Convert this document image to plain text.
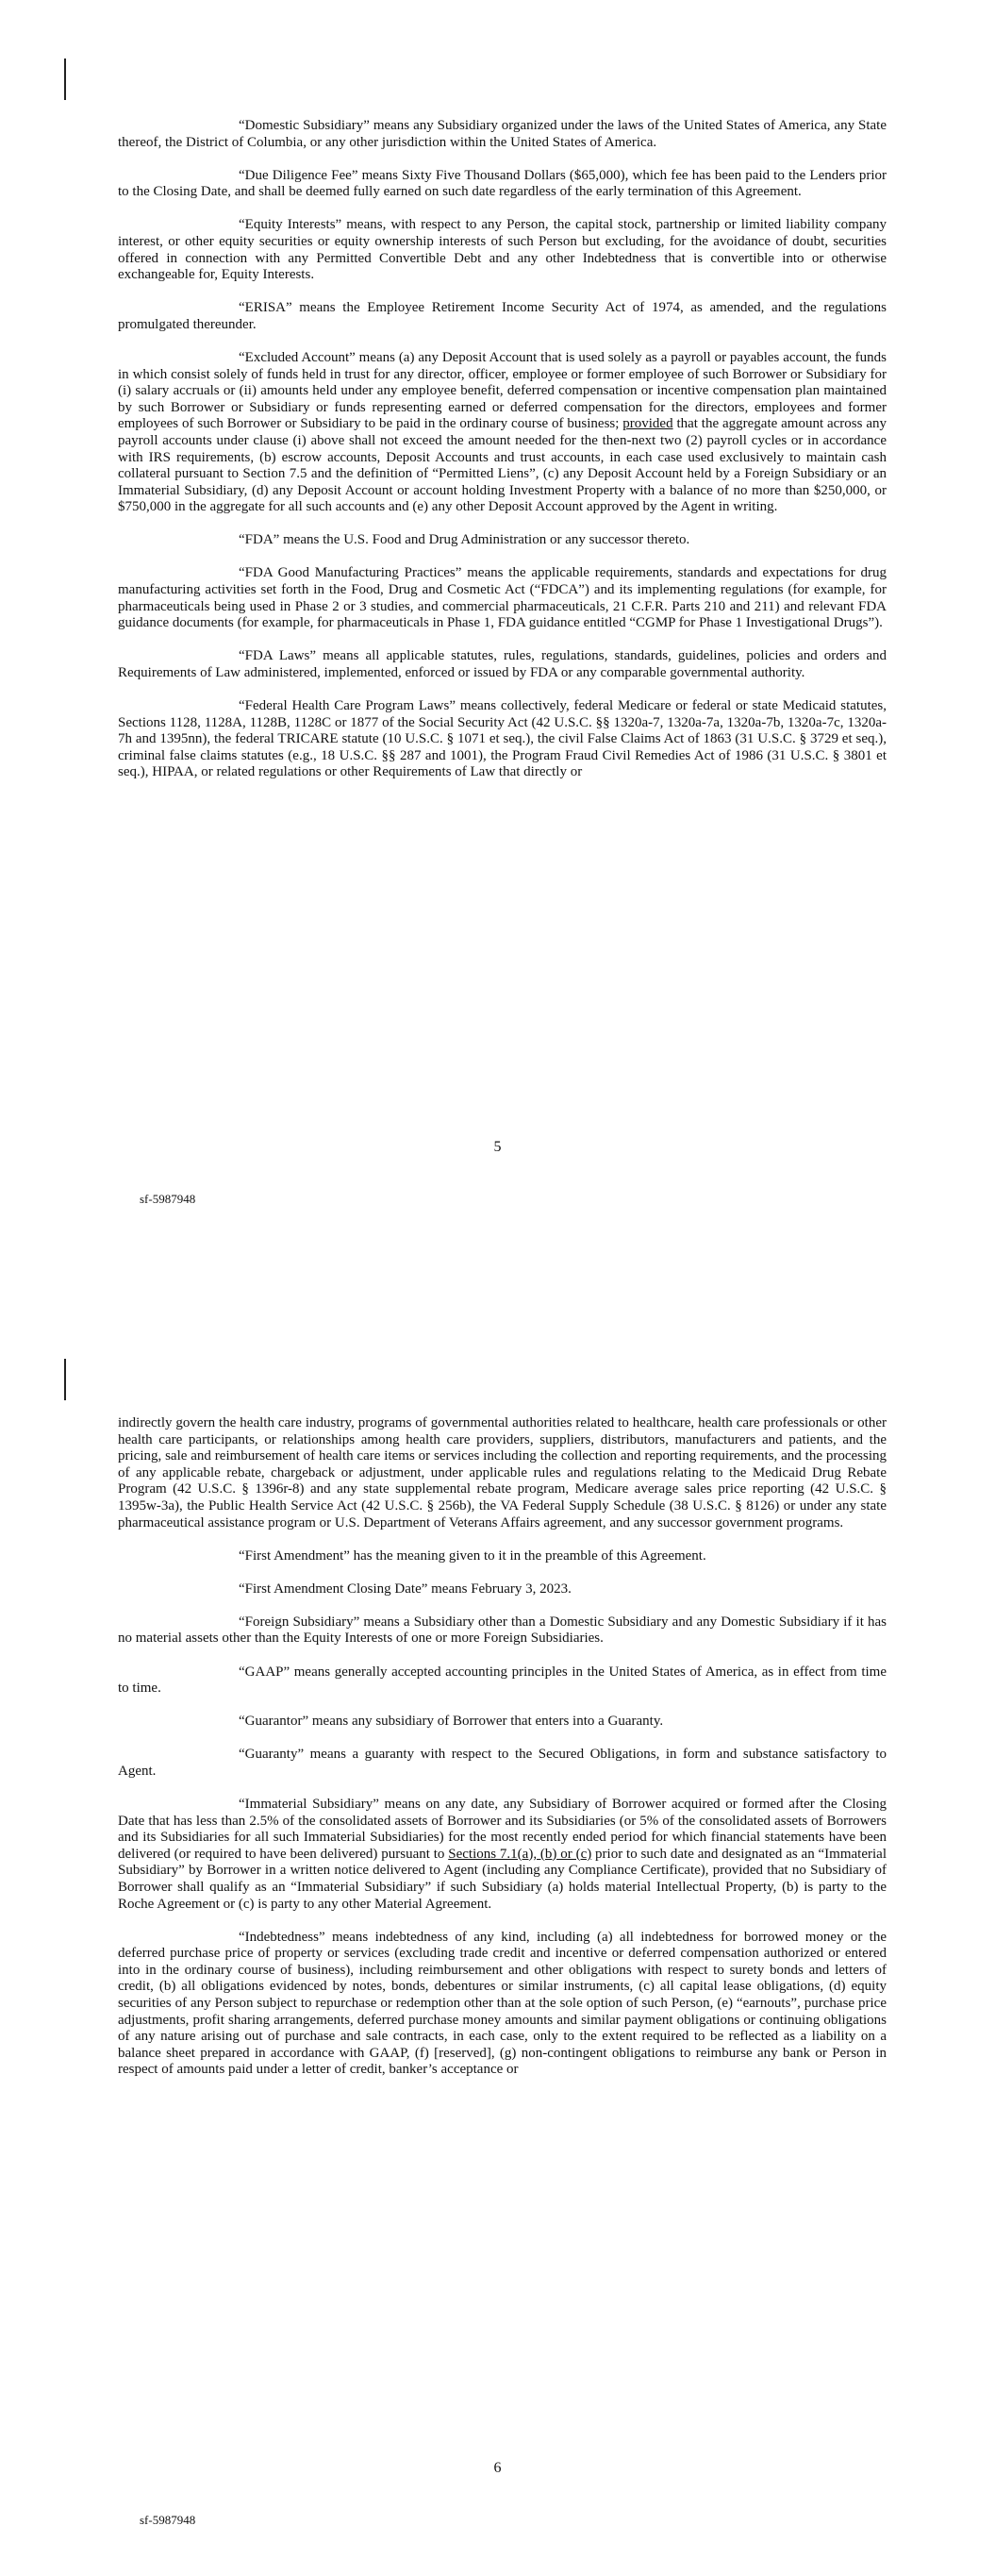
“Domestic Subsidiary” means any Subsidiary organized under the laws of the United States of America, any State thereof, the District of Columbia, or any other jurisdiction within the United States of America.

“Due Diligence Fee” means Sixty Five Thousand Dollars ($65,000), which fee has been paid to the Lenders prior to the Closing Date, and shall be deemed fully earned on such date regardless of the early termination of this Agreement.

“Equity Interests” means, with respect to any Person, the capital stock, partnership or limited liability company interest, or other equity securities or equity ownership interests of such Person but excluding, for the avoidance of doubt, securities offered in connection with any Permitted Convertible Debt and any other Indebtedness that is convertible into or otherwise exchangeable for, Equity Interests.

“ERISA” means the Employee Retirement Income Security Act of 1974, as amended, and the regulations promulgated thereunder.

“Excluded Account” means (a) any Deposit Account that is used solely as a payroll or payables account, the funds in which consist solely of funds held in trust for any director, officer, employee or former employee of such Borrower or Subsidiary for (i) salary accruals or (ii) amounts held under any employee benefit, deferred compensation or incentive compensation plan maintained by such Borrower or Subsidiary or funds representing earned or deferred compensation for the directors, employees and former employees of such Borrower or Subsidiary to be paid in the ordinary course of business; provided that the aggregate amount across any payroll accounts under clause (i) above shall not exceed the amount needed for the then-next two (2) payroll cycles or in accordance with IRS requirements, (b) escrow accounts, Deposit Accounts and trust accounts, in each case used exclusively to maintain cash collateral pursuant to Section 7.5 and the definition of “Permitted Liens”, (c) any Deposit Account held by a Foreign Subsidiary or an Immaterial Subsidiary, (d) any Deposit Account or account holding Investment Property with a balance of no more than $250,000, or $750,000 in the aggregate for all such accounts and (e) any other Deposit Account approved by the Agent in writing.

“FDA” means the U.S. Food and Drug Administration or any successor thereto.

“FDA Good Manufacturing Practices” means the applicable requirements, standards and expectations for drug manufacturing activities set forth in the Food, Drug and Cosmetic Act (“FDCA”) and its implementing regulations (for example, for pharmaceuticals being used in Phase 2 or 3 studies, and commercial pharmaceuticals, 21 C.F.R. Parts 210 and 211) and relevant FDA guidance documents (for example, for pharmaceuticals in Phase 1, FDA guidance entitled “CGMP for Phase 1 Investigational Drugs”).

“FDA Laws” means all applicable statutes, rules, regulations, standards, guidelines, policies and orders and Requirements of Law administered, implemented, enforced or issued by FDA or any comparable governmental authority.

“Federal Health Care Program Laws” means collectively, federal Medicare or federal or state Medicaid statutes, Sections 1128, 1128A, 1128B, 1128C or 1877 of the Social Security Act (42 U.S.C. §§ 1320a-7, 1320a-7a, 1320a-7b, 1320a-7c, 1320a-7h and 1395nn), the federal TRICARE statute (10 U.S.C. § 1071 et seq.), the civil False Claims Act of 1863 (31 U.S.C. § 3729 et seq.), criminal false claims statutes (e.g., 18 U.S.C. §§ 287 and 1001), the Program Fraud Civil Remedies Act of 1986 (31 U.S.C. § 3801 et seq.), HIPAA, or related regulations or other Requirements of Law that directly or

5
sf-5987948

indirectly govern the health care industry, programs of governmental authorities related to healthcare, health care professionals or other health care participants, or relationships among health care providers, suppliers, distributors, manufacturers and patients, and the pricing, sale and reimbursement of health care items or services including the collection and reporting requirements, and the processing of any applicable rebate, chargeback or adjustment, under applicable rules and regulations relating to the Medicaid Drug Rebate Program (42 U.S.C. § 1396r-8) and any state supplemental rebate program, Medicare average sales price reporting (42 U.S.C. § 1395w-3a), the Public Health Service Act (42 U.S.C. § 256b), the VA Federal Supply Schedule (38 U.S.C. § 8126) or under any state pharmaceutical assistance program or U.S. Department of Veterans Affairs agreement, and any successor government programs.

“First Amendment” has the meaning given to it in the preamble of this Agreement.

“First Amendment Closing Date” means February 3, 2023.

“Foreign Subsidiary” means a Subsidiary other than a Domestic Subsidiary and any Domestic Subsidiary if it has no material assets other than the Equity Interests of one or more Foreign Subsidiaries.

“GAAP” means generally accepted accounting principles in the United States of America, as in effect from time to time.

“Guarantor” means any subsidiary of Borrower that enters into a Guaranty.

“Guaranty” means a guaranty with respect to the Secured Obligations, in form and substance satisfactory to Agent.

“Immaterial Subsidiary” means on any date, any Subsidiary of Borrower acquired or formed after the Closing Date that has less than 2.5% of the consolidated assets of Borrower and its Subsidiaries (or 5% of the consolidated assets of Borrowers and its Subsidiaries for all such Immaterial Subsidiaries) for the most recently ended period for which financial statements have been delivered (or required to have been delivered) pursuant to Sections 7.1(a), (b) or (c) prior to such date and designated as an “Immaterial Subsidiary” by Borrower in a written notice delivered to Agent (including any Compliance Certificate), provided that no Subsidiary of Borrower shall qualify as an “Immaterial Subsidiary” if such Subsidiary (a) holds material Intellectual Property, (b) is party to the Roche Agreement or (c) is party to any other Material Agreement.

“Indebtedness” means indebtedness of any kind, including (a) all indebtedness for borrowed money or the deferred purchase price of property or services (excluding trade credit and incentive or deferred compensation authorized or entered into in the ordinary course of business), including reimbursement and other obligations with respect to surety bonds and letters of credit, (b) all obligations evidenced by notes, bonds, debentures or similar instruments, (c) all capital lease obligations, (d) equity securities of any Person subject to repurchase or redemption other than at the sole option of such Person, (e) “earnouts”, purchase price adjustments, profit sharing arrangements, deferred purchase money amounts and similar payment obligations or continuing obligations of any nature arising out of purchase and sale contracts, in each case, only to the extent required to be reflected as a liability on a balance sheet prepared in accordance with GAAP, (f) [reserved], (g) non-contingent obligations to reimburse any bank or Person in respect of amounts paid under a letter of credit, banker’s acceptance or

6
sf-5987948
